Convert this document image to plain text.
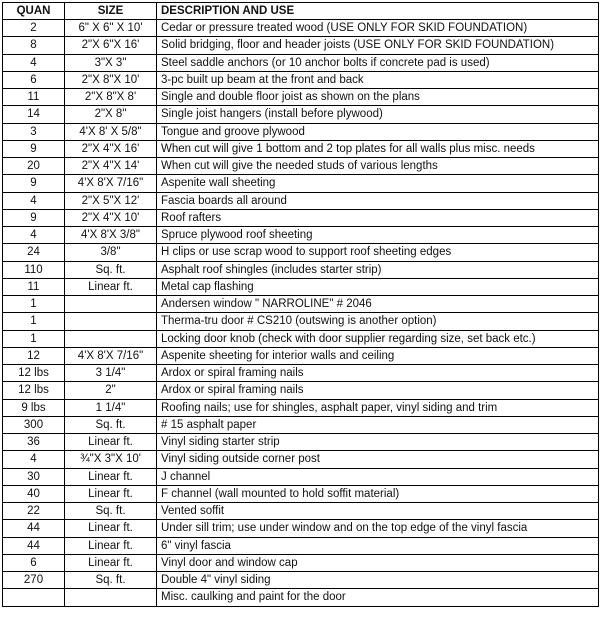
QUAN	SIZE	DESCRIPTION AND USE
2	6" X 6" X 10'	Cedar or pressure treated wood (USE ONLY FOR SKID FOUNDATION)
8	2"X 6"X 16'	Solid bridging, floor and header joists (USE ONLY FOR SKID FOUNDATION)
4	3"X 3"	Steel saddle anchors (or 10 anchor bolts if concrete pad is used)
6	2"X 8"X 10'	3-pc built up beam at the front and back
11	2"X 8"X 8'	Single and double floor joist as shown on the plans
14	2"X 8"	Single joist hangers (install before plywood)
3	4'X 8' X 5/8"	Tongue and groove plywood
9	2"X 4"X 16'	When cut will give 1 bottom and 2 top plates for all walls plus misc. needs
20	2"X 4"X 14'	When cut will give the needed studs of various lengths
9	4'X 8'X 7/16"	Aspenite wall sheeting
4	2"X 5"X 12'	Fascia boards all around
9	2"X 4"X 10'	Roof rafters
4	4'X 8'X 3/8"	Spruce plywood roof sheeting
24	3/8"	H clips or use scrap wood to support roof sheeting edges
110	Sq. ft.	Asphalt roof shingles (includes starter strip)
11	Linear ft.	Metal cap flashing
1		Andersen window " NARROLINE" # 2046
1		Therma-tru door # CS210 (outswing is another option)
1		Locking door knob (check with door supplier regarding size, set back etc.)
12	4'X 8'X 7/16"	Aspenite sheeting for interior walls and ceiling
12 lbs	3 1/4"	Ardox or spiral framing nails
12 lbs	2"	Ardox or spiral framing nails
9 lbs	1 1/4"	Roofing nails; use for shingles, asphalt paper, vinyl siding and trim
300	Sq. ft.	# 15 asphalt paper
36	Linear ft.	Vinyl siding starter strip
4	¾"X 3"X 10'	Vinyl siding outside corner post
30	Linear ft.	J channel
40	Linear ft.	F channel (wall mounted to hold soffit material)
22	Sq. ft.	Vented soffit
44	Linear ft.	Under sill trim; use under window and on the top edge of the vinyl fascia
44	Linear ft.	6" vinyl fascia
6	Linear ft.	Vinyl door and window cap
270	Sq. ft.	Double 4" vinyl siding
		Misc. caulking and paint for the door
